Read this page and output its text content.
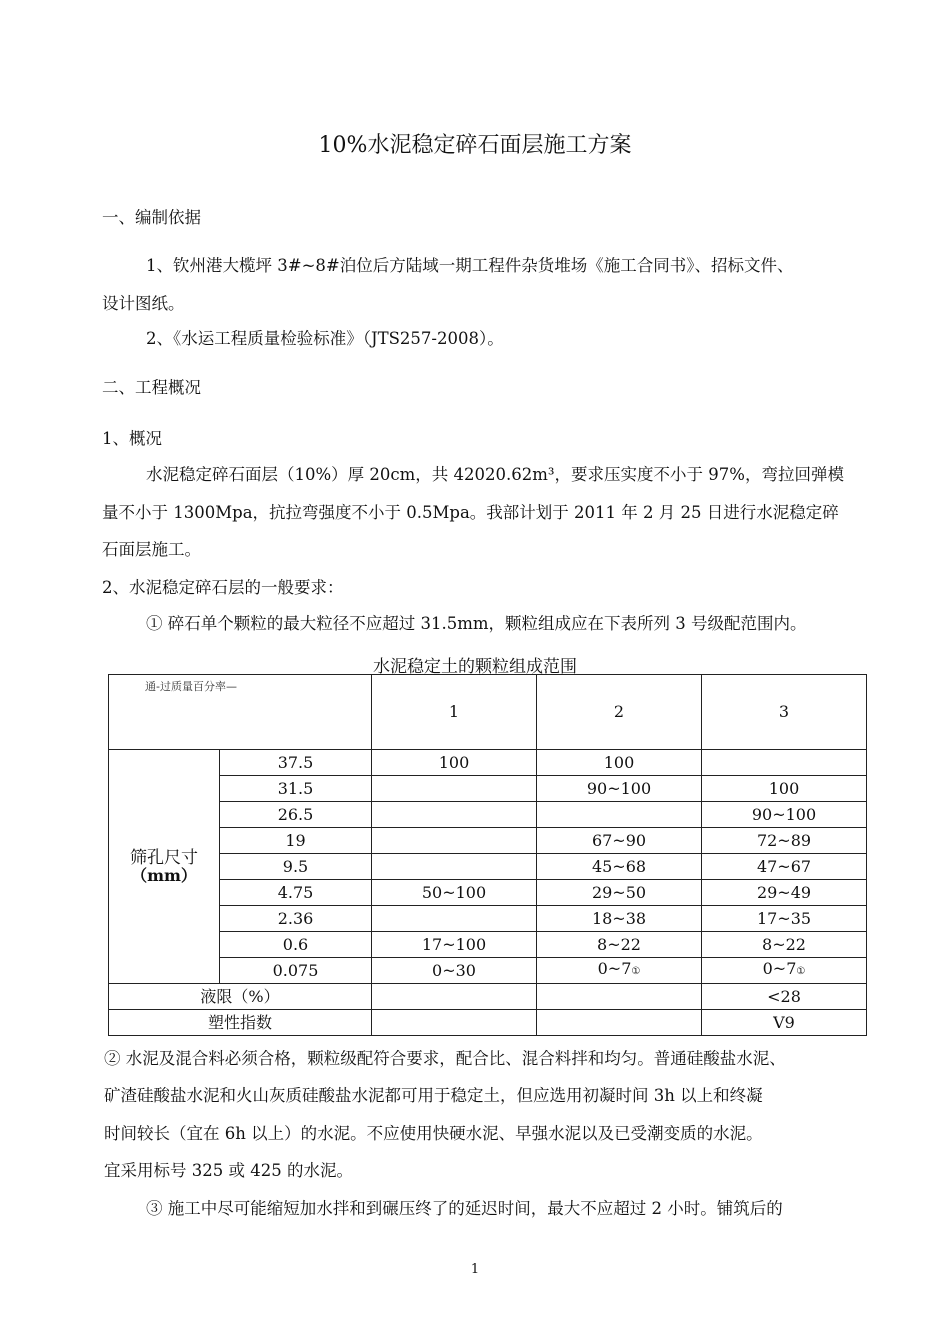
10%水泥稳定碎石面层施工方案
一、编制依据
1、钦州港大榄坪 3#~8#泊位后方陆域一期工程件杂货堆场《施工合同书》、招标文件、
设计图纸。
2、《水运工程质量检验标准》（JTS257-2008）。
二、工程概况
1、概况
水泥稳定碎石面层（10%）厚 20cm，共 42020.62m³，要求压实度不小于 97%，弯拉回弹模
量不小于 1300Mpa，抗拉弯强度不小于 0.5Mpa。我部计划于 2011 年 2 月 25 日进行水泥稳定碎
石面层施工。
2、水泥稳定碎石层的一般要求：
① 碎石单个颗粒的最大粒径不应超过 31.5mm，颗粒组成应在下表所列 3 号级配范围内。
水泥稳定土的颗粒组成范围
通-过质量百分率—		1	2	3

筛孔尺寸
（mm）	37.5	100	100	
	31.5		90~100	100
	26.5			90~100
	19		67~90	72~89
	9.5		45~68	47~67
	4.75	50~100	29~50	29~49
	2.36		18~38	17~35
	0.6	17~100	8~22	8~22
	0.075	0~30	0~7①	0~7①
液限（%）				<28
塑性指数				V9
② 水泥及混合料必须合格，颗粒级配符合要求，配合比、混合料拌和均匀。普通硅酸盐水泥、
矿渣硅酸盐水泥和火山灰质硅酸盐水泥都可用于稳定土，但应选用初凝时间 3h 以上和终凝
时间较长（宜在 6h 以上）的水泥。不应使用快硬水泥、早强水泥以及已受潮变质的水泥。
宜采用标号 325 或 425 的水泥。
③ 施工中尽可能缩短加水拌和到碾压终了的延迟时间，最大不应超过 2 小时。铺筑后的
1
